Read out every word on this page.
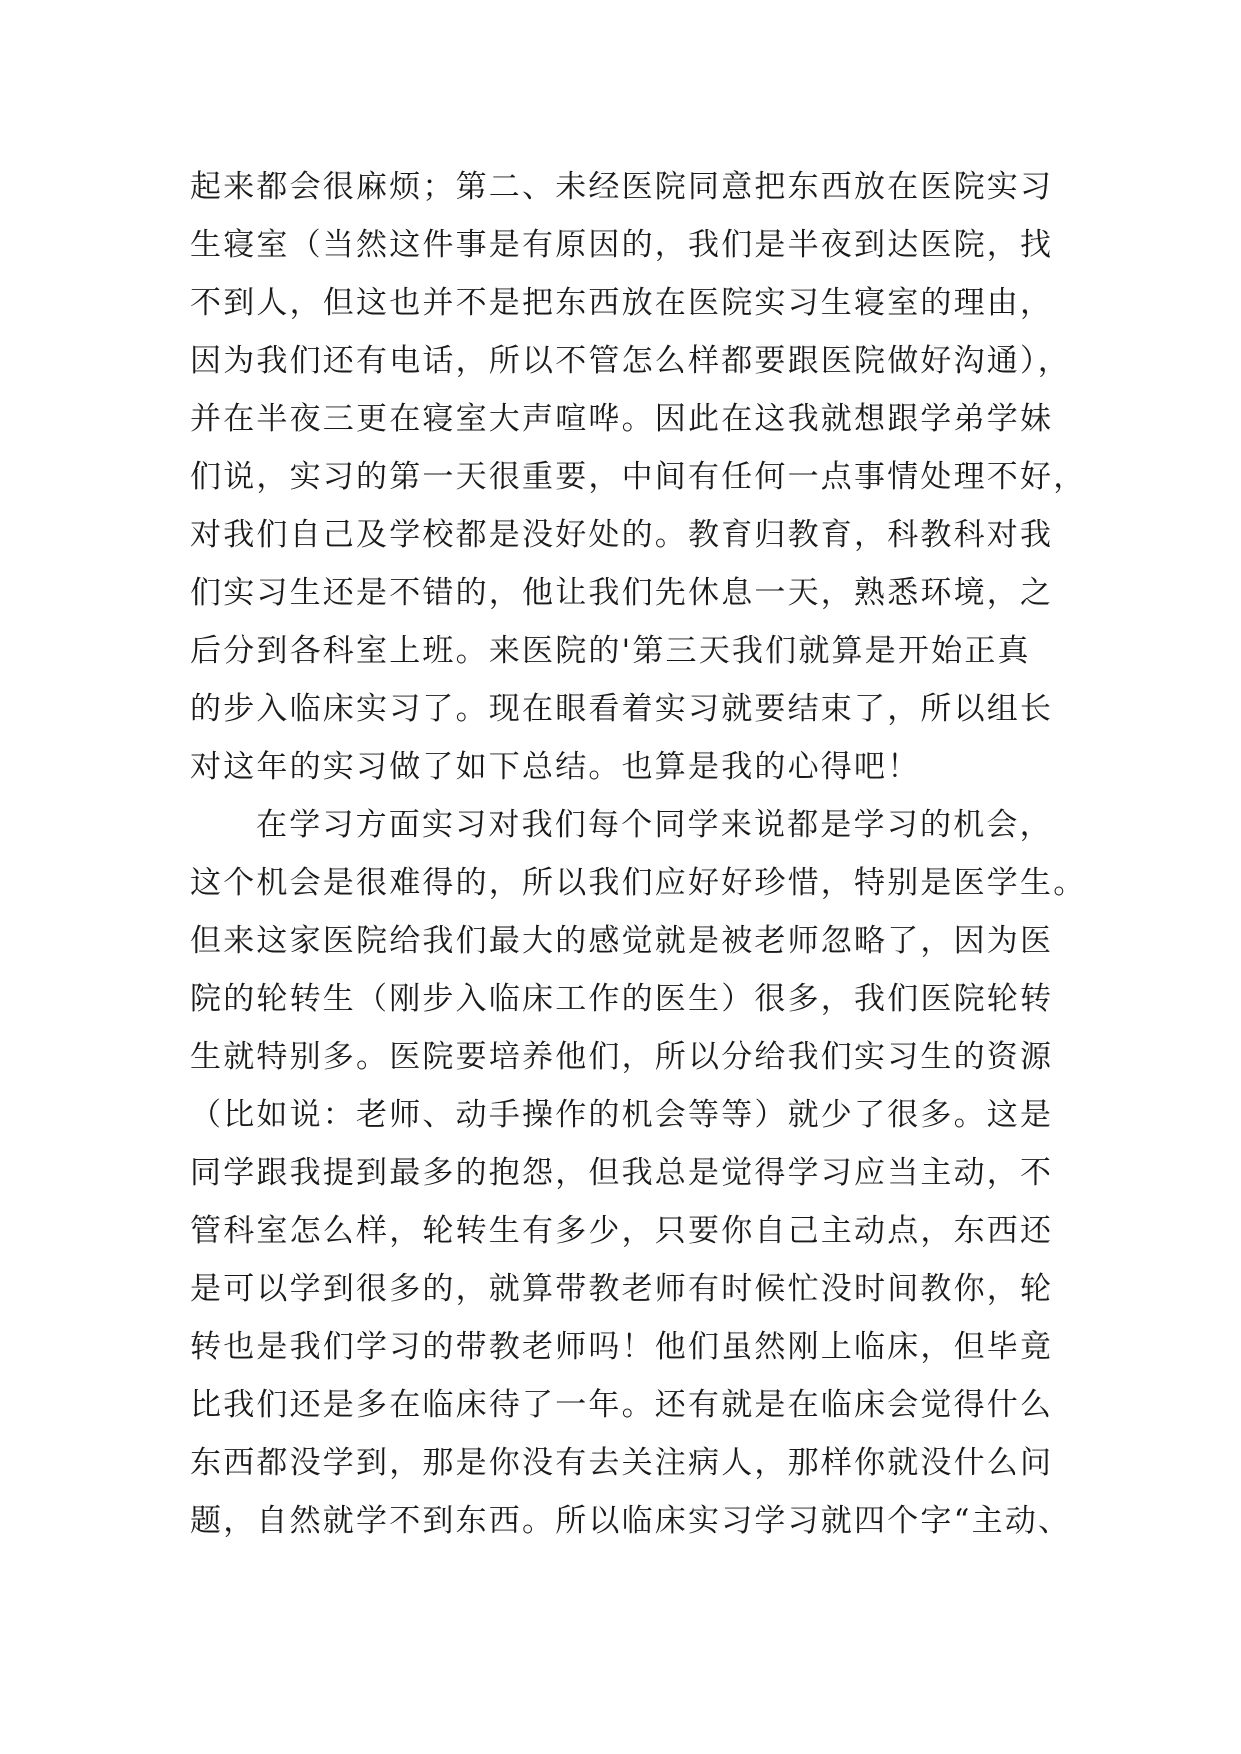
起来都会很麻烦；第二、未经医院同意把东西放在医院实习
生寝室（当然这件事是有原因的，我们是半夜到达医院，找
不到人，但这也并不是把东西放在医院实习生寝室的理由，
因为我们还有电话，所以不管怎么样都要跟医院做好沟通），
并在半夜三更在寝室大声喧哗。因此在这我就想跟学弟学妹
们说，实习的第一天很重要，中间有任何一点事情处理不好，
对我们自己及学校都是没好处的。教育归教育，科教科对我
们实习生还是不错的，他让我们先休息一天，熟悉环境，之
后分到各科室上班。来医院的'第三天我们就算是开始正真
的步入临床实习了。现在眼看着实习就要结束了，所以组长
对这年的实习做了如下总结。也算是我的心得吧！
在学习方面实习对我们每个同学来说都是学习的机会，
这个机会是很难得的，所以我们应好好珍惜，特别是医学生。
但来这家医院给我们最大的感觉就是被老师忽略了，因为医
院的轮转生（刚步入临床工作的医生）很多，我们医院轮转
生就特别多。医院要培养他们，所以分给我们实习生的资源
（比如说：老师、动手操作的机会等等）就少了很多。这是
同学跟我提到最多的抱怨，但我总是觉得学习应当主动，不
管科室怎么样，轮转生有多少，只要你自己主动点，东西还
是可以学到很多的，就算带教老师有时候忙没时间教你，轮
转也是我们学习的带教老师吗！他们虽然刚上临床，但毕竟
比我们还是多在临床待了一年。还有就是在临床会觉得什么
东西都没学到，那是你没有去关注病人，那样你就没什么问
题，自然就学不到东西。所以临床实习学习就四个字“主动、
